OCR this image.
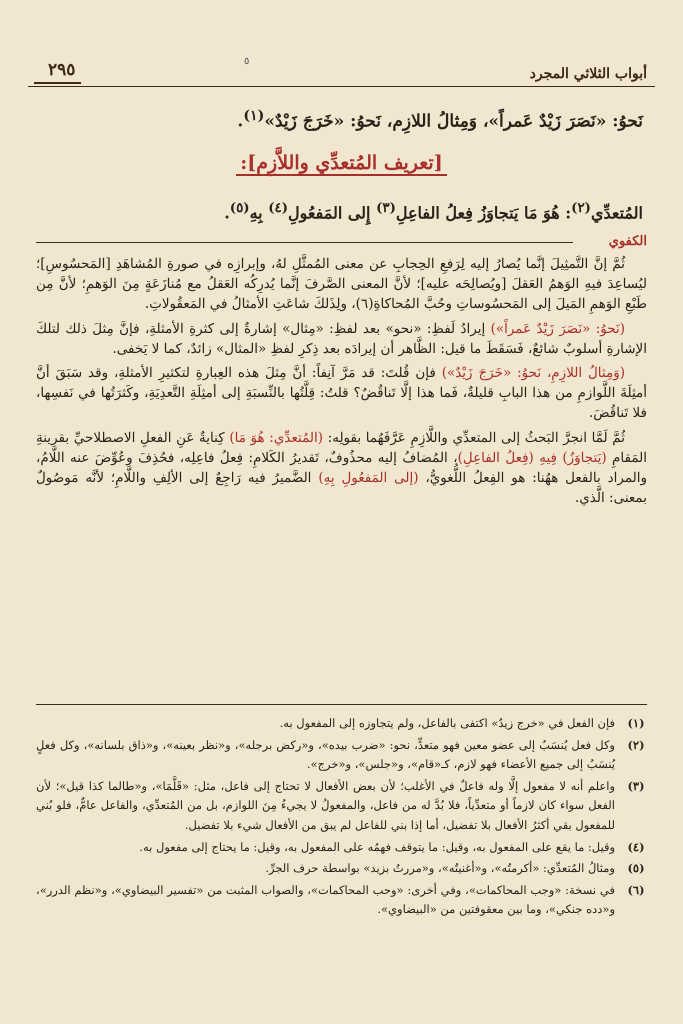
أبواب الثلاثي المجرد
٢٩٥	٥
نَحوُ: «نَصَرَ زَيْدٌ عَمراً»، وَمِثالُ اللازِم، نَحوُ: «خَرَجَ زَيْدٌ»$^{(١)}$.
[تعريف المُتعدِّي واللاَّزِم]:
المُتعدِّي$^{(٢)}$: هُوَ مَا يَتجاوَزُ فِعلُ الفاعِلِ$^{(٣)}$ إِلى المَفعُولِ$^{(٤)}$ بِهِ$^{(٥)}$.
الكفوي

ثُمَّ إنَّ التَّمثِيلَ إنَّما يُصارُ إليه لِرَفعِ الحِجابِ عن معنى المُمثَّلِ لهُ، وإبرازِه في صورةِ المُشاهَدِ [المَحسُوسِ]؛ ليُساعِدَ فيهِ الوَهمُ العَقلَ [ويُصالِحَه عليه]؛ لأنَّ المعنى الصَّرفَ إنَّما يُدرِكُه العَقلُ مع مُنازَعَةٍ مِنَ الوَهمِ؛ لأنَّ مِن طَبْعِ الوَهمِ المَيلَ إلى المَحسُوساتِ وحُبَّ المُحاكاةِ(٦)، ولِذَلكَ شاعَتِ الأمثالُ في المَعقُولاتِ.

(نَحوُ: «نَصَرَ زَيْدٌ عَمراً») إيرادُ لَفظِ: «نحو» بعد لفظِ: «مِثال» إشارةٌ إلى كثرةِ الأمثلةِ، فإنَّ مِثلَ ذلك لتلكَ الإشارةِ أسلوبٌ شائعٌ، فَسَقَطَ ما قيل: الظَّاهر أن إيرادَه بعد ذِكرِ لفظِ «المثال» زائدٌ، كما لا يَخفى.

(وَمِثالُ اللازِمِ، نَحوُ: «خَرَجَ زَيْدٌ») فإن قُلتَ: قد مَرَّ آنِفاً: أنَّ مِثلَ هذه العِبارةِ لتكثيرِ الأمثلةِ، وقد سَبَقَ أنَّ أمثِلَةَ اللَّوازمِ من هذا البابِ قليلةٌ، فَما هذا إلَّا تَناقُضٌ؟ قلتُ: قِلَّتُها بالنِّسبَةِ إلى أمثِلَةِ التَّعدِيَةِ، وكَثرَتُها في نَفسِها، فلا تَناقُضَ.

ثُمَّ لَمَّا انجرَّ البَحثُ إلى المتعدِّي واللَّازِمِ عَرَّفَهُما بقولِه: (المُتعدِّي: هُوَ مَا) كِنايةٌ عَنِ الفعلِ الاصطلاحيِّ بقرينةِ المَقامِ (يَتجاوَزُ) فِيهِ (فِعلُ الفاعِلِ)، المُضافُ إليه محذُوفٌ، تَقديرُ الكَلامِ: فِعلُ فاعِلِه، فحُذِفَ وعُوِّضَ عنه اللَّامُ، والمراد بالفعل ههُنا: هو الفِعلُ اللُّغويُّ، (إلى المَفعُولِ بِهِ) الضَّميرُ فيه رَاجِعٌ إلى الألِفِ واللَّامِ؛ لأنَّه مَوصُولٌ بمعنى: الَّذي.

(١)
فإن الفعل في «خرج زيدٌ» اكتفى بالفاعل، ولم يتجاوزه إلى المفعول به.
(٢)
وكل فعل يُنسَبُ إلى عضو معين فهو متعدٍّ، نحو: «ضرب بيده»، و«ركض برجله»، و«نظر بعينه»، و«ذاق بلسانه»، وكل فعلٍ يُنسَبُ إلى جميع الأعضاء فهو لازم، كـ«قام»، و«جلس»، و«خرج».
(٣)
واعلم أنه لا مفعول إلَّا وله فاعلٌ في الأغلب؛ لأن بعض الأفعال لا تحتاج إلى فاعل، مثل: «قَلَّمَا»، و«طالما كذا قيل»؛ لأن الفعل سواء كان لازماً أو متعدِّياً، فلا بُدَّ له من فاعل، والمفعولُ لا يجيءُ مِنَ اللوازم، بل من المُتعدِّي، والفاعل عامٌّ، فلو بُني للمفعول بقي أكثرُ الأفعال بلا تفضيل، أما إذا بني للفاعل لم يبق من الأفعال شيء بلا تفضيل.
(٤)
وقيل: ما يقع على المفعول به، وقيل: ما يتوقف فهمُه على المفعول به، وقيل: ما يحتاج إلى مفعول به.
(٥)
ومثالُ المُتعدِّي: «أكرمتُه»، و«أغنيتُه»، و«مررتُ بزيد» بواسطة حرف الجرِّ.
(٦)
في نسخة: «وجب المحاكمات»، وفي أخرى: «وحب المحاكمات»، والصواب المثبت من «تفسير البيضاوي»، و«نظم الدرر»، و«دده جنكي»، وما بين معقوفتين من «البيضاوي».
